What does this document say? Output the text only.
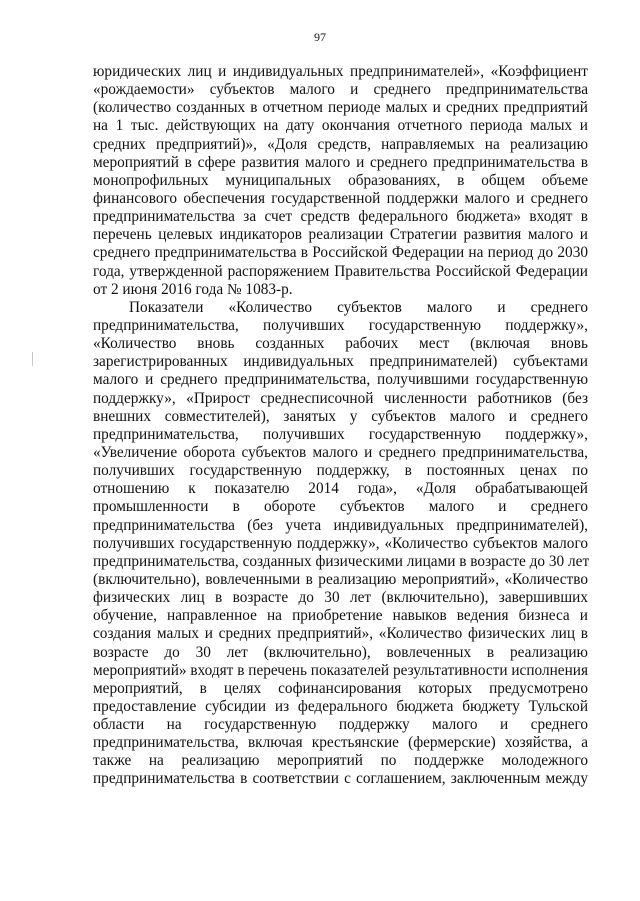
97
юридических лиц и индивидуальных предпринимателей», «Коэффициент
«рождаемости» субъектов малого и среднего предпринимательства
(количество созданных в отчетном периоде малых и средних предприятий
на 1 тыс. действующих на дату окончания отчетного периода малых и
средних предприятий)», «Доля средств, направляемых на реализацию
мероприятий в сфере развития малого и среднего предпринимательства в
монопрофильных муниципальных образованиях, в общем объеме
финансового обеспечения государственной поддержки малого и среднего
предпринимательства за счет средств федерального бюджета» входят в
перечень целевых индикаторов реализации Стратегии развития малого и
среднего предпринимательства в Российской Федерации на период до 2030
года, утвержденной распоряжением Правительства Российской Федерации
от 2 июня 2016 года № 1083-р.
Показатели «Количество субъектов малого и среднего
предпринимательства, получивших государственную поддержку»,
«Количество вновь созданных рабочих мест (включая вновь
зарегистрированных индивидуальных предпринимателей) субъектами
малого и среднего предпринимательства, получившими государственную
поддержку», «Прирост среднесписочной численности работников (без
внешних совместителей), занятых у субъектов малого и среднего
предпринимательства, получивших государственную поддержку»,
«Увеличение оборота субъектов малого и среднего предпринимательства,
получивших государственную поддержку, в постоянных ценах по
отношению к показателю 2014 года», «Доля обрабатывающей
промышленности в обороте субъектов малого и среднего
предпринимательства (без учета индивидуальных предпринимателей),
получивших государственную поддержку», «Количество субъектов малого
предпринимательства, созданных физическими лицами в возрасте до 30 лет
(включительно), вовлеченными в реализацию мероприятий», «Количество
физических лиц в возрасте до 30 лет (включительно), завершивших
обучение, направленное на приобретение навыков ведения бизнеса и
создания малых и средних предприятий», «Количество физических лиц в
возрасте до 30 лет (включительно), вовлеченных в реализацию
мероприятий» входят в перечень показателей результативности исполнения
мероприятий, в целях софинансирования которых предусмотрено
предоставление субсидии из федерального бюджета бюджету Тульской
области на государственную поддержку малого и среднего
предпринимательства, включая крестьянские (фермерские) хозяйства, а
также на реализацию мероприятий по поддержке молодежного
предпринимательства в соответствии с соглашением, заключенным между
